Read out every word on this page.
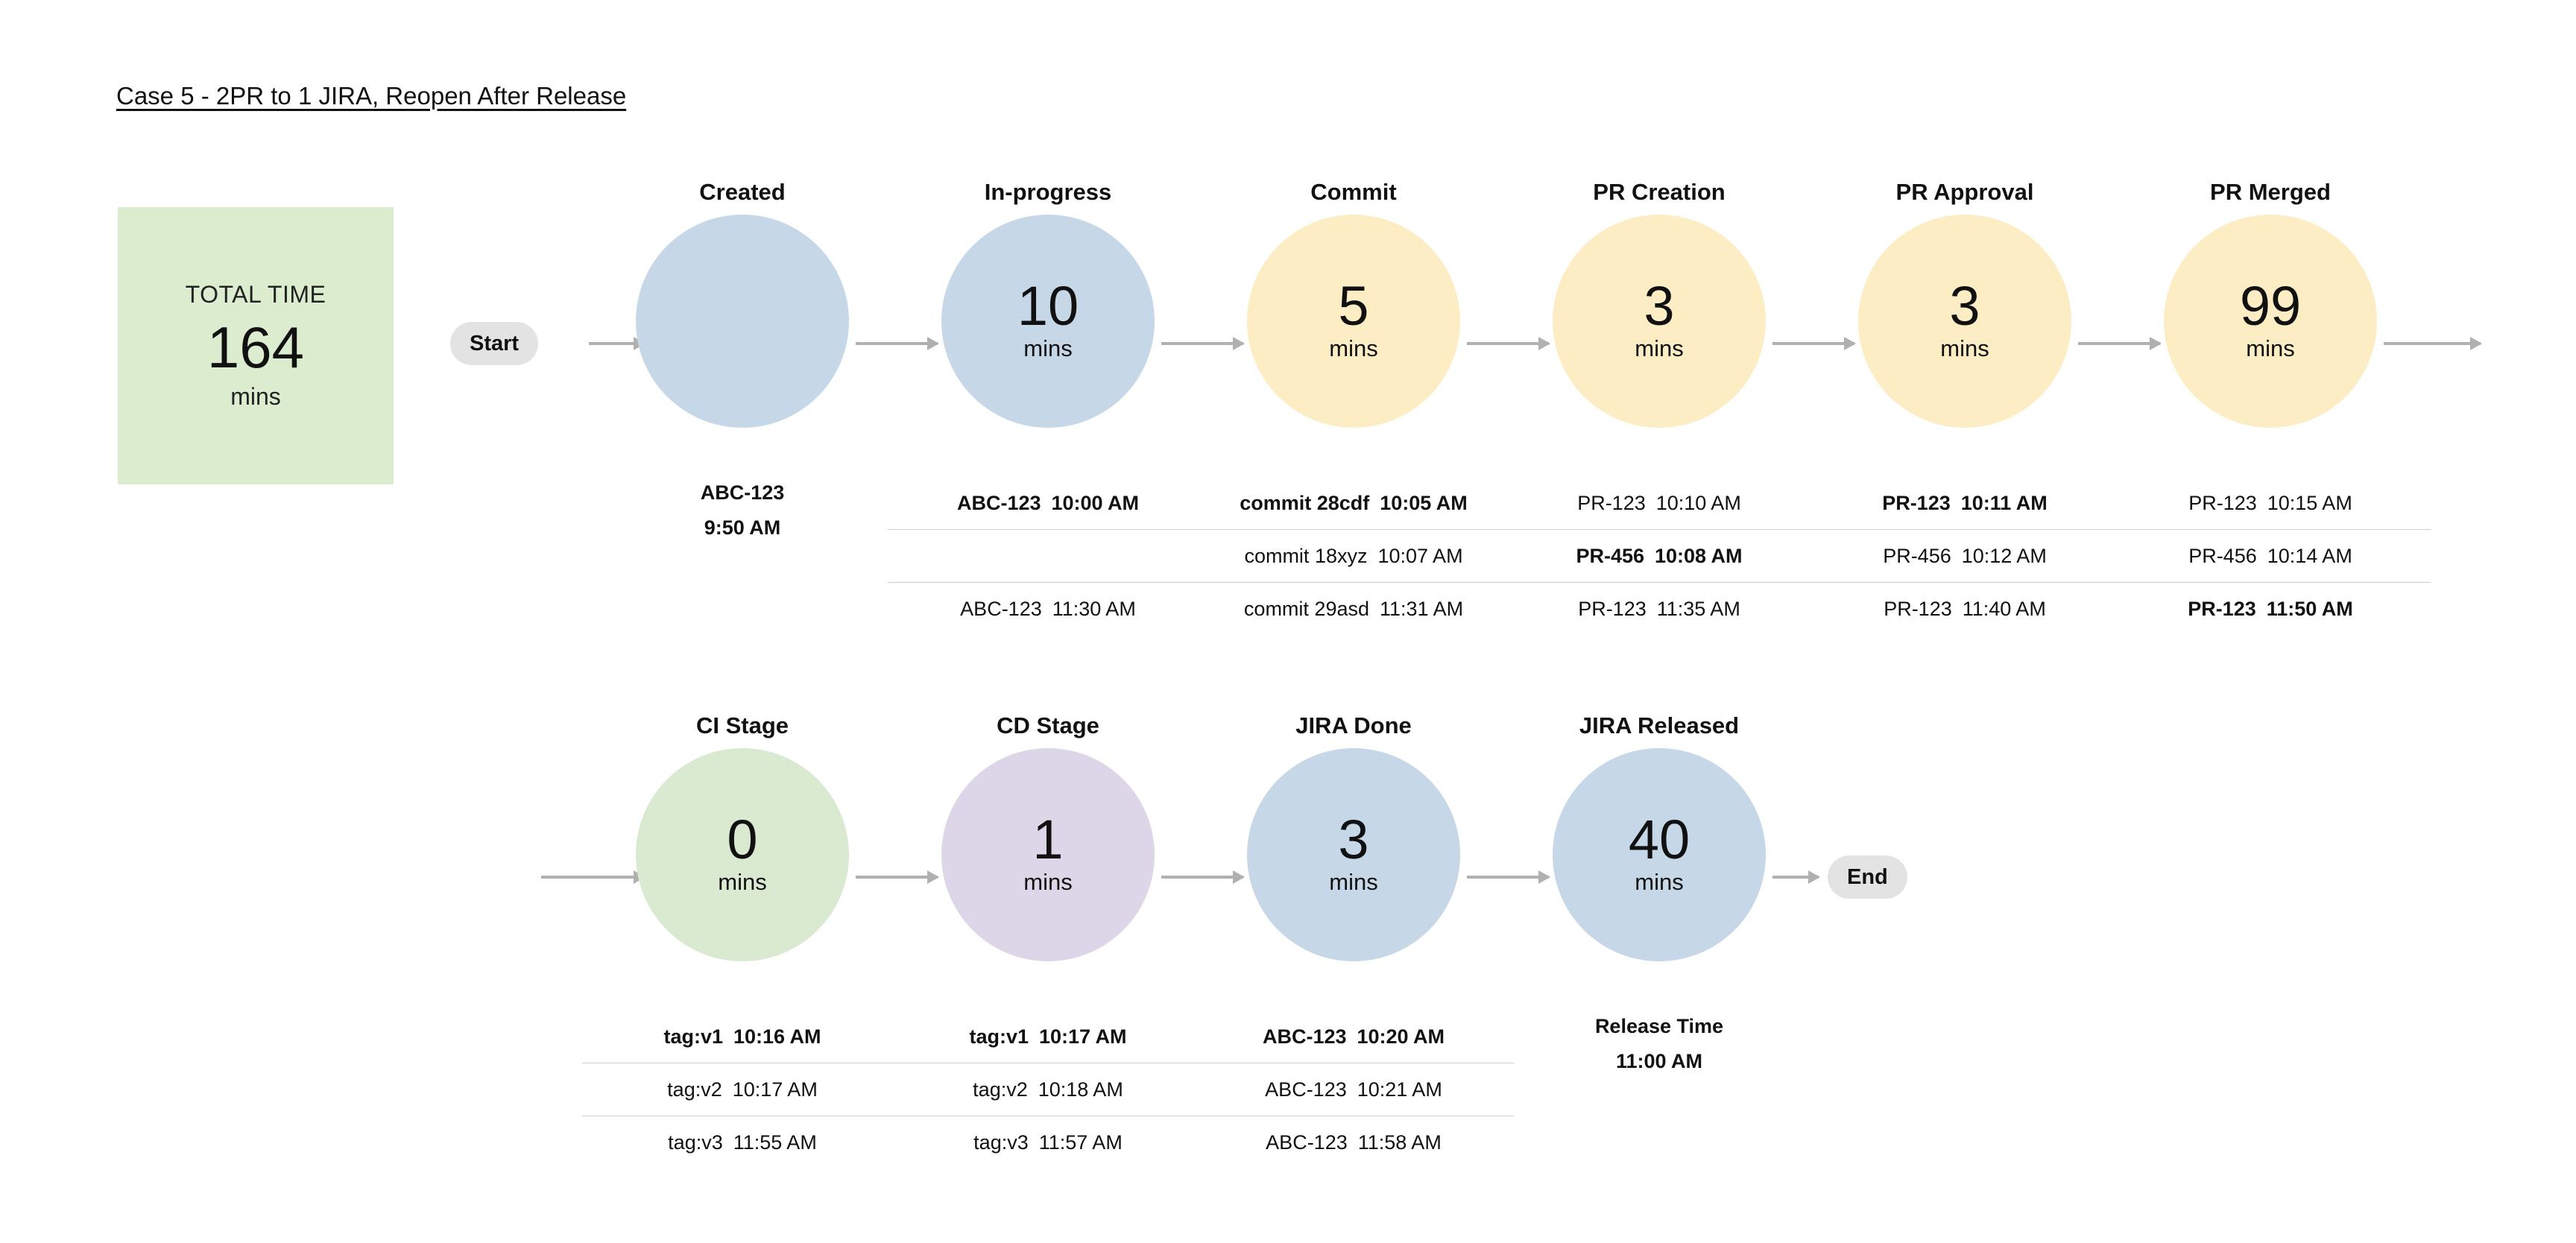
Case 5 - 2PR to 1 JIRA, Reopen After Release
TOTAL TIME
164
mins
Start
Created
ABC-123
9:50 AM
In-progress
10
mins
ABC-123 10:00 AM
ABC-123 11:30 AM
Commit
5
mins
commit 28cdf 10:05 AM
commit 18xyz 10:07 AM
commit 29asd 11:31 AM
PR Creation
3
mins
PR-123 10:10 AM
PR-456 10:08 AM
PR-123 11:35 AM
PR Approval
3
mins
PR-123 10:11 AM
PR-456 10:12 AM
PR-123 11:40 AM
PR Merged
99
mins
PR-123 10:15 AM
PR-456 10:14 AM
PR-123 11:50 AM
End
CI Stage
0
mins
tag:v1 10:16 AM
tag:v2 10:17 AM
tag:v3 11:55 AM
CD Stage
1
mins
tag:v1 10:17 AM
tag:v2 10:18 AM
tag:v3 11:57 AM
JIRA Done
3
mins
ABC-123 10:20 AM
ABC-123 10:21 AM
ABC-123 11:58 AM
JIRA Released
40
mins
Release Time
11:00 AM
